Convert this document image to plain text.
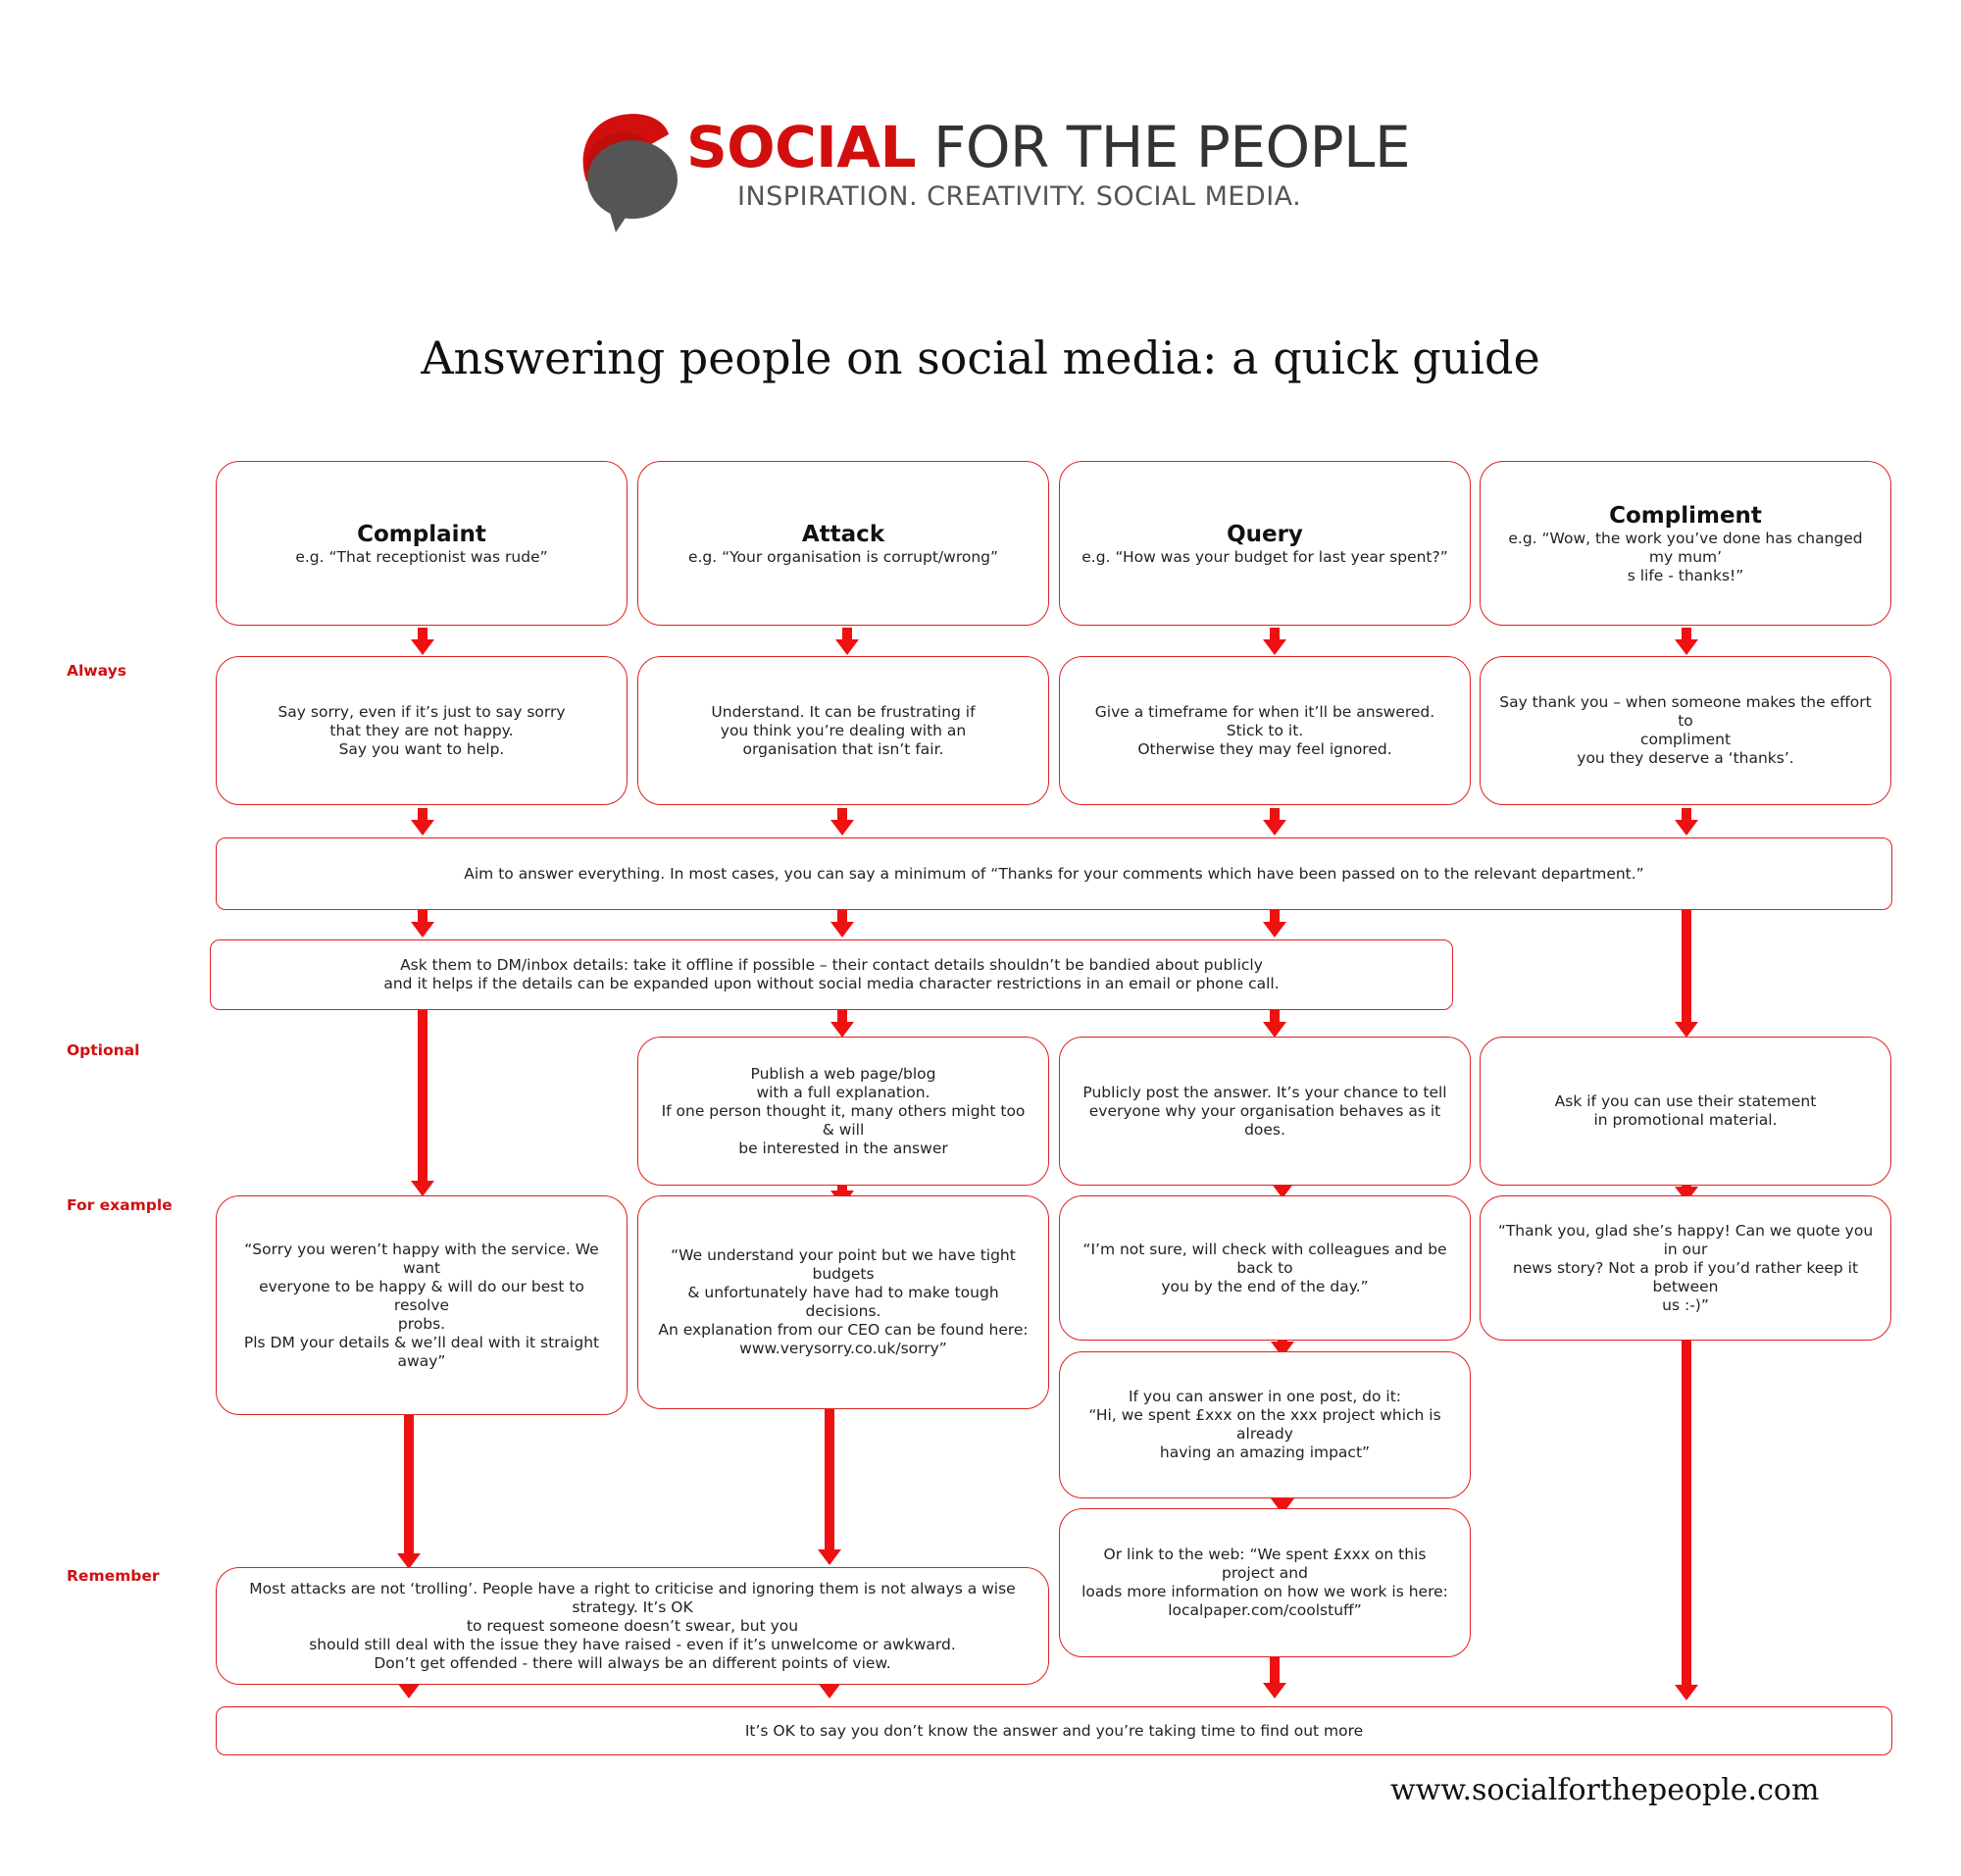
SOCIAL FOR THE PEOPLE
INSPIRATION. CREATIVITY. SOCIAL MEDIA.
Answering people on social media: a quick guide
Always
Optional
For example
Remember
Complaint
e.g. “That receptionist was rude”
Attack
e.g. “Your organisation is corrupt/wrong”
Query
e.g. “How was your budget for last year spent?”
Compliment
e.g. “Wow, the work you’ve done has changed my mum’
s life - thanks!”
Say sorry, even if it’s just to say sorry
that they are not happy.
Say you want to help.
Understand. It can be frustrating if
you think you’re dealing with an
organisation that isn’t fair.
Give a timeframe for when it’ll be answered. Stick to it.
Otherwise they may feel ignored.
Say thank you – when someone makes the effort to
compliment
you they deserve a ‘thanks’.
Aim to answer everything. In most cases, you can say a minimum of “Thanks for your comments which have been passed on to the relevant department.”
Ask them to DM/inbox details: take it offline if possible – their contact details shouldn’t be bandied about publicly
and it helps if the details can be expanded upon without social media character restrictions in an email or phone call.
Publish a web page/blog
with a full explanation.
If one person thought it, many others might too & will
be interested in the answer
Publicly post the answer. It’s your chance to tell
everyone why your organisation behaves as it does.
Ask if you can use their statement
in promotional material.
“Sorry you weren’t happy with the service. We want
everyone to be happy & will do our best to resolve
probs.
Pls DM your details & we’ll deal with it straight away”
“We understand your point but we have tight budgets
& unfortunately have had to make tough decisions.
An explanation from our CEO can be found here:
www.verysorry.co.uk/sorry”
“I’m not sure, will check with colleagues and be back to
you by the end of the day.”
“Thank you, glad she’s happy! Can we quote you in our
news story? Not a prob if you’d rather keep it between
us :-)”
If you can answer in one post, do it:
“Hi, we spent £xxx on the xxx project which is already
having an amazing impact”
Or link to the web: “We spent £xxx on this project and
loads more information on how we work is here:
localpaper.com/coolstuff”
Most attacks are not ‘trolling’. People have a right to criticise and ignoring them is not always a wise strategy. It’s OK
to request someone doesn’t swear, but you
should still deal with the issue they have raised - even if it’s unwelcome or awkward.
Don’t get offended - there will always be an different points of view.
It’s OK to say you don’t know the answer and you’re taking time to find out more
www.socialforthepeople.com
